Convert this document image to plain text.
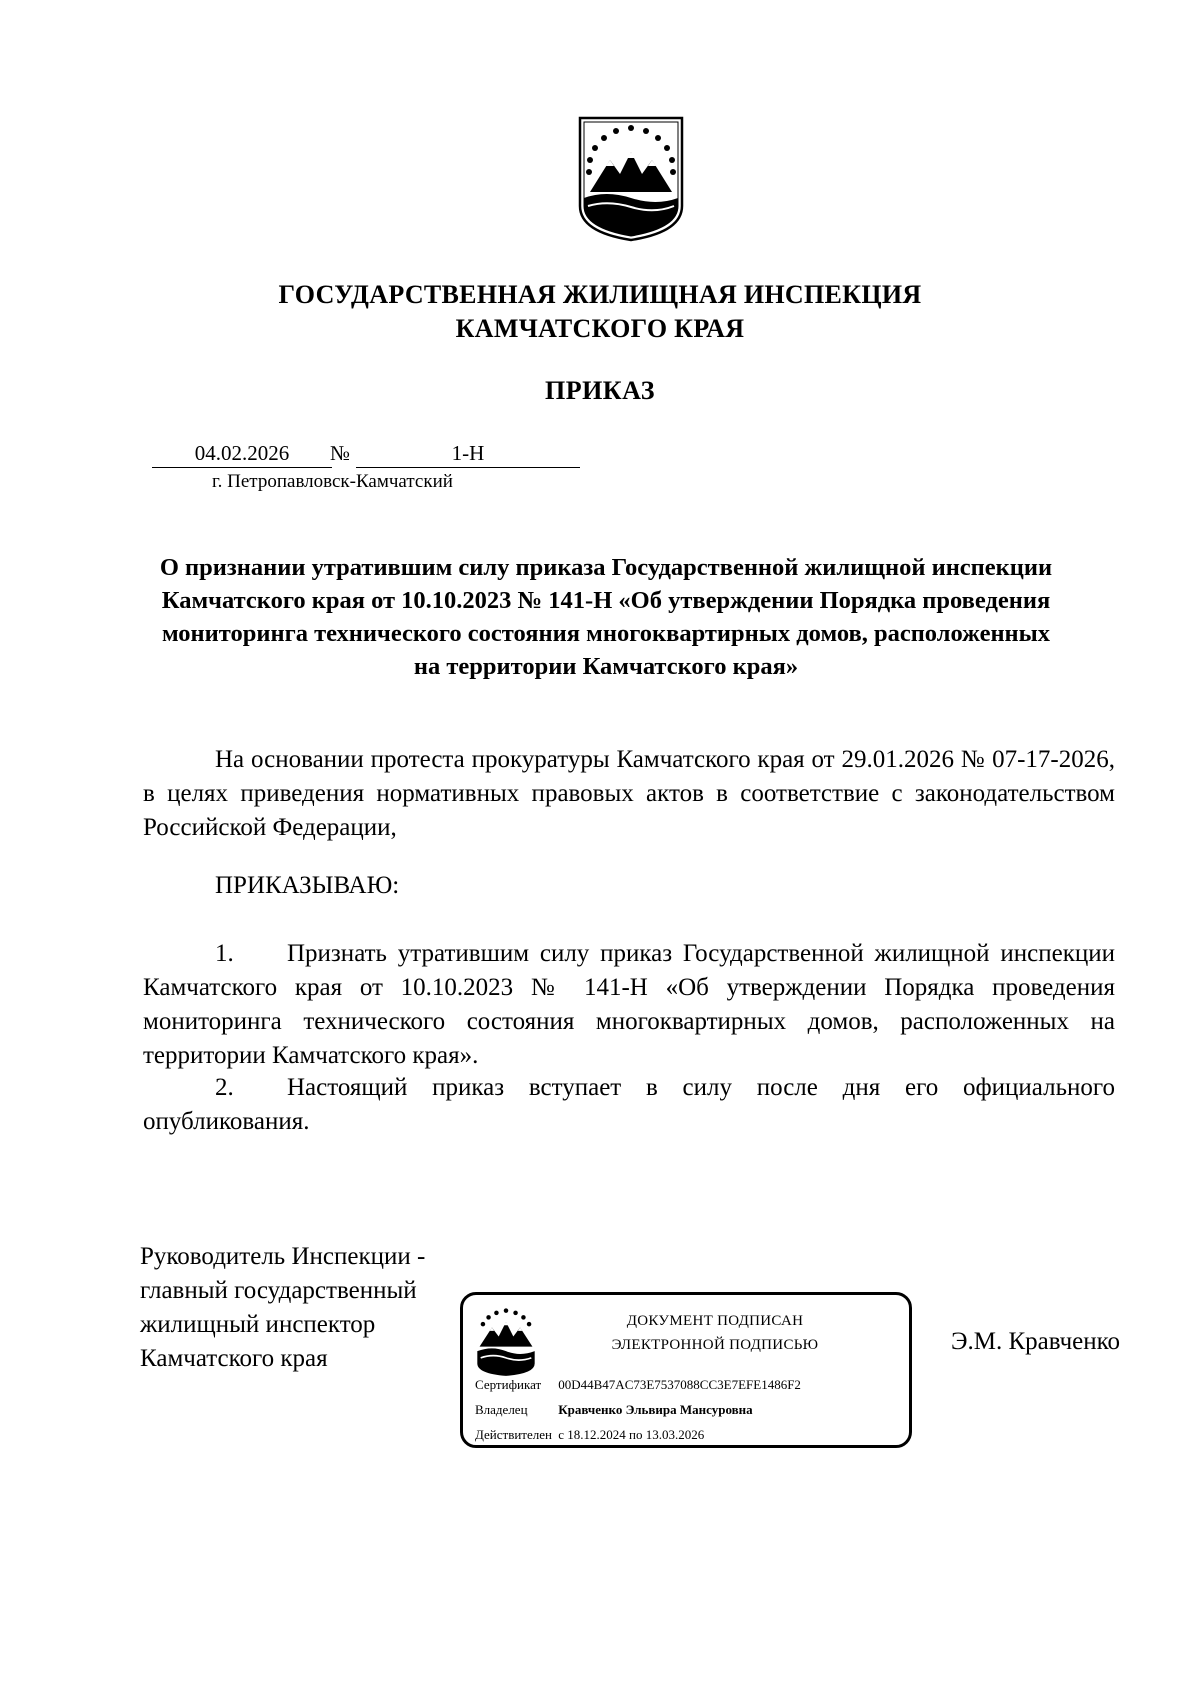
ГОСУДАРСТВЕННАЯ ЖИЛИЩНАЯ ИНСПЕКЦИЯ
КАМЧАТСКОГО КРАЯ
ПРИКАЗ
04.02.2026	№	1-Н
г. Петропавловск-Камчатский
О признании утратившим силу приказа Государственной жилищной инспекции Камчатского края от 10.10.2023 № 141-Н «Об утверждении Порядка проведения мониторинга технического состояния многоквартирных домов, расположенных на территории Камчатского края»
На основании протеста прокуратуры Камчатского края от 29.01.2026 № 07-17-2026, в целях приведения нормативных правовых актов в соответствие с законодательством Российской Федерации,
ПРИКАЗЫВАЮ:
1. Признать утратившим силу приказ Государственной жилищной инспекции Камчатского края от 10.10.2023 № 141-Н «Об утверждении Порядка проведения мониторинга технического состояния многоквартирных домов, расположенных на территории Камчатского края».
2. Настоящий приказ вступает в силу после дня его официального опубликования.
Руководитель Инспекции - главный государственный жилищный инспектор Камчатского края
Э.М. Кравченко
ДОКУМЕНТ ПОДПИСАН
ЭЛЕКТРОННОЙ ПОДПИСЬЮ
Сертификат 00D44B47AC73E7537088CC3E7EFE1486F2
Владелец Кравченко Эльвира Мансуровна
Действителен с 18.12.2024 по 13.03.2026
